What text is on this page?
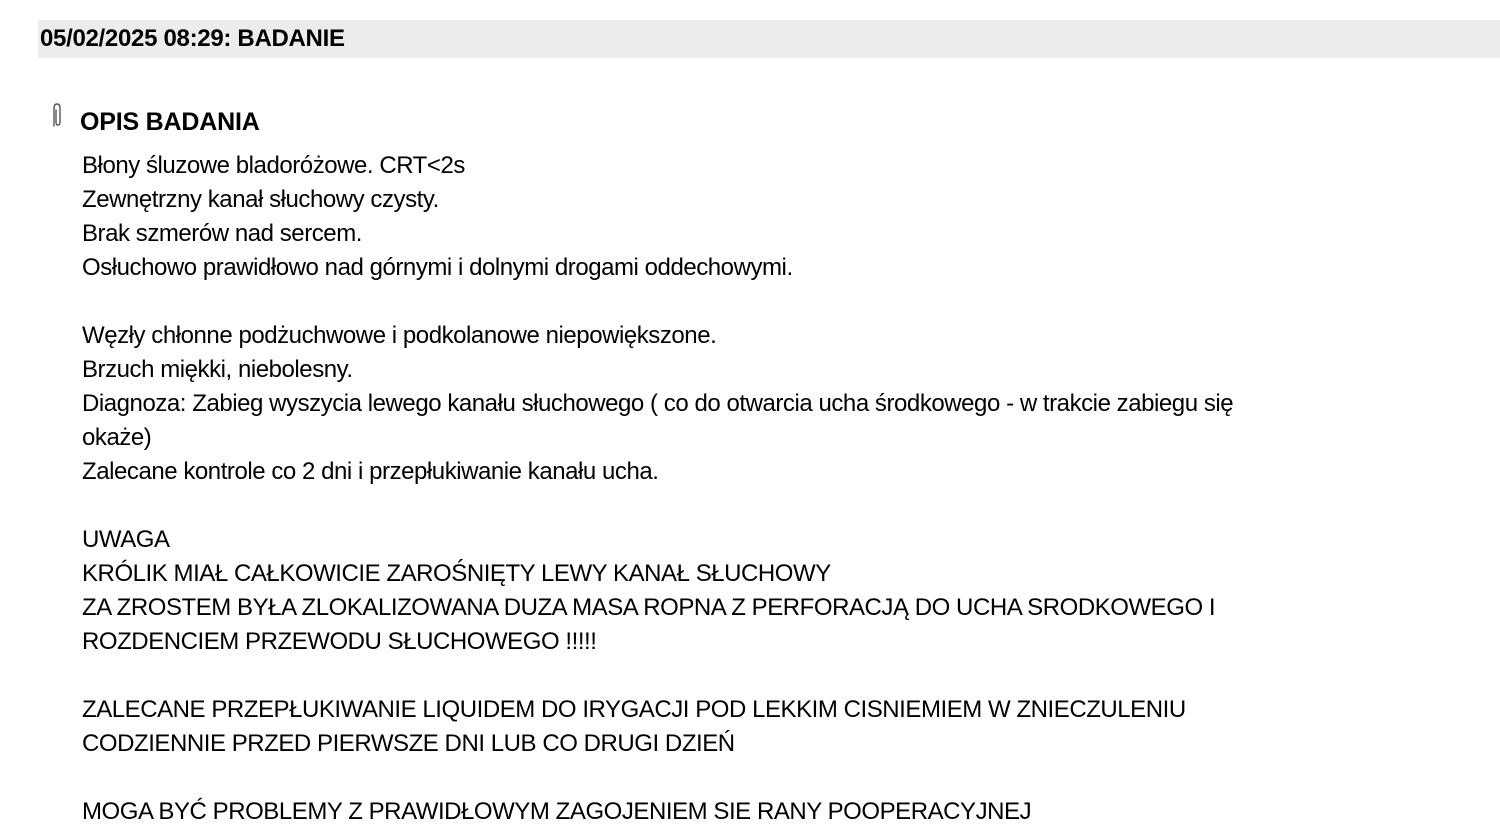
05/02/2025 08:29: BADANIE
OPIS BADANIA
Błony śluzowe bladoróżowe. CRT<2s
Zewnętrzny kanał słuchowy czysty.
Brak szmerów nad sercem.
Osłuchowo prawidłowo nad górnymi i dolnymi drogami oddechowymi.
Węzły chłonne podżuchwowe i podkolanowe niepowiększone.
Brzuch miękki, niebolesny.
Diagnoza: Zabieg wyszycia lewego kanału słuchowego ( co do otwarcia ucha środkowego - w trakcie zabiegu się
okaże)
Zalecane kontrole co 2 dni i przepłukiwanie kanału ucha.
UWAGA
KRÓLIK MIAŁ CAŁKOWICIE ZAROŚNIĘTY LEWY KANAŁ SŁUCHOWY
ZA ZROSTEM BYŁA ZLOKALIZOWANA DUZA MASA ROPNA Z PERFORACJĄ DO UCHA SRODKOWEGO I
ROZDENCIEM PRZEWODU SŁUCHOWEGO !!!!!
ZALECANE PRZEPŁUKIWANIE LIQUIDEM DO IRYGACJI POD LEKKIM CISNIEMIEM W ZNIECZULENIU
CODZIENNIE PRZED PIERWSZE DNI LUB CO DRUGI DZIEŃ
MOGA BYĆ PROBLEMY Z PRAWIDŁOWYM ZAGOJENIEM SIE RANY POOPERACYJNEJ
